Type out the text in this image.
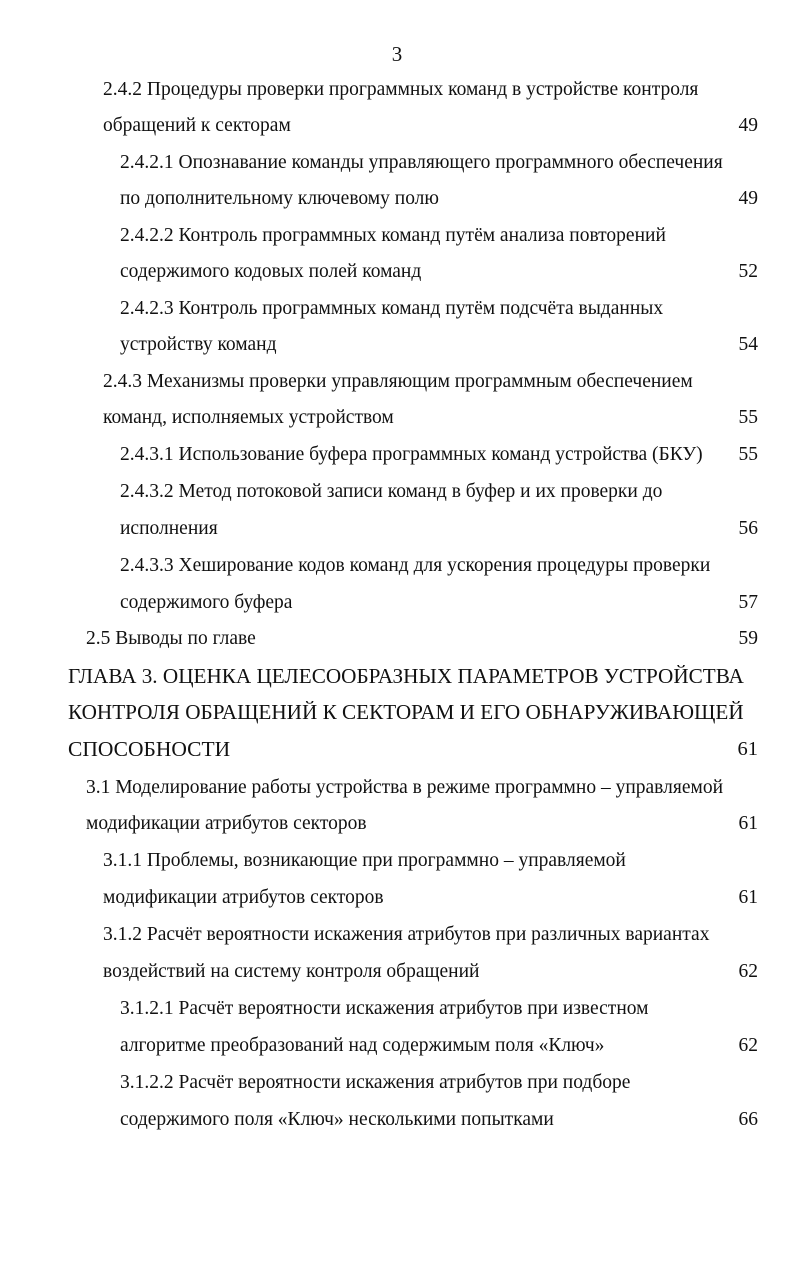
3
2.4.2 Процедуры проверки программных команд в устройстве контроля
обращений к секторам	49
2.4.2.1 Опознавание команды управляющего программного обеспечения
по дополнительному ключевому полю	49
2.4.2.2 Контроль программных команд путём анализа повторений
содержимого кодовых полей команд	52
2.4.2.3 Контроль программных команд путём подсчёта выданных
устройству команд	54
2.4.3 Механизмы проверки управляющим программным обеспечением
команд, исполняемых устройством	55
2.4.3.1 Использование буфера программных команд устройства (БКУ)	55
2.4.3.2 Метод потоковой записи команд в буфер и их проверки до
исполнения	56
2.4.3.3 Хеширование кодов команд для ускорения процедуры проверки
содержимого буфера	57
2.5 Выводы по главе	59
ГЛАВА 3. ОЦЕНКА ЦЕЛЕСООБРАЗНЫХ ПАРАМЕТРОВ УСТРОЙСТВА
КОНТРОЛЯ ОБРАЩЕНИЙ К СЕКТОРАМ И ЕГО ОБНАРУЖИВАЮЩЕЙ
СПОСОБНОСТИ	61
3.1 Моделирование работы устройства в режиме программно – управляемой
модификации атрибутов секторов	61
3.1.1 Проблемы, возникающие при программно – управляемой
модификации атрибутов секторов	61
3.1.2 Расчёт вероятности искажения атрибутов при различных вариантах
воздействий на систему контроля обращений	62
3.1.2.1 Расчёт вероятности искажения атрибутов при известном
алгоритме преобразований над содержимым поля «Ключ»	62
3.1.2.2 Расчёт вероятности искажения атрибутов при подборе
содержимого поля «Ключ» несколькими попытками	66
